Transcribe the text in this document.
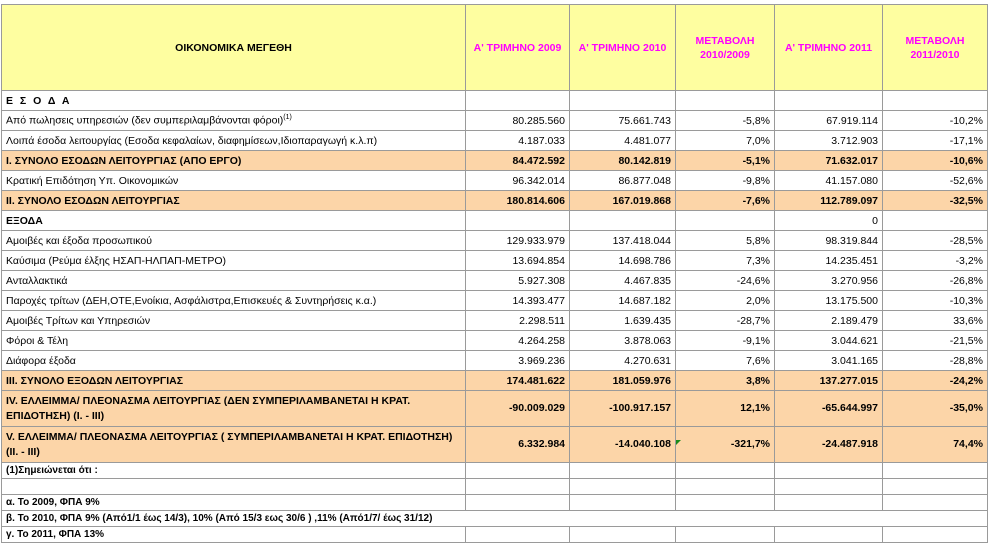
ΟΙΚΟΝΟΜΙΚΑ ΜΕΓΕΘΗ	Α' ΤΡΙΜΗΝΟ 2009	Α' ΤΡΙΜΗΝΟ 2010	ΜΕΤΑΒΟΛΗ
2010/2009	Α' ΤΡΙΜΗΝΟ 2011	ΜΕΤΑΒΟΛΗ
2011/2010

Ε Σ Ο Δ Α					
Από πωλησεις υπηρεσιών (δεν συμπεριλαμβάνονται φόροι)$^{(1)}$	80.285.560	75.661.743	-5,8%	67.919.114	-10,2%
Λοιπά έσοδα λειτουργίας (Εσοδα κεφαλαίων, διαφημίσεων,Ιδιοπαραγωγή κ.λ.π)	4.187.033	4.481.077	7,0%	3.712.903	-17,1%
Ι. ΣΥΝΟΛΟ ΕΣΟΔΩΝ ΛΕΙΤΟΥΡΓΙΑΣ (ΑΠΟ ΕΡΓΟ)	84.472.592	80.142.819	-5,1%	71.632.017	-10,6%
Κρατική Επιδότηση Υπ. Οικονομικών	96.342.014	86.877.048	-9,8%	41.157.080	-52,6%
ΙΙ. ΣΥΝΟΛΟ ΕΣΟΔΩΝ ΛΕΙΤΟΥΡΓΙΑΣ	180.814.606	167.019.868	-7,6%	112.789.097	-32,5%
ΕΞΟΔΑ				0	
Αμοιβές και έξοδα προσωπικού	129.933.979	137.418.044	5,8%	98.319.844	-28,5%
Καύσιμα (Ρεύμα έλξης ΗΣΑΠ-ΗΛΠΑΠ-ΜΕΤΡΟ)	13.694.854	14.698.786	7,3%	14.235.451	-3,2%
Ανταλλακτικά	5.927.308	4.467.835	-24,6%	3.270.956	-26,8%
Παροχές τρίτων (ΔΕΗ,ΟΤΕ,Ενοίκια, Ασφάλιστρα,Επισκευές & Συντηρήσεις κ.α.)	14.393.477	14.687.182	2,0%	13.175.500	-10,3%
Αμοιβές Τρίτων και Υπηρεσιών	2.298.511	1.639.435	-28,7%	2.189.479	33,6%
Φόροι & Τέλη	4.264.258	3.878.063	-9,1%	3.044.621	-21,5%
Διάφορα έξοδα	3.969.236	4.270.631	7,6%	3.041.165	-28,8%
ΙΙΙ. ΣΥΝΟΛΟ ΕΞΟΔΩΝ ΛΕΙΤΟΥΡΓΙΑΣ	174.481.622	181.059.976	3,8%	137.277.015	-24,2%
IV. ΕΛΛΕΙΜΜΑ/ ΠΛΕΟΝΑΣΜΑ ΛΕΙΤΟΥΡΓΙΑΣ (ΔΕΝ ΣΥΜΠΕΡΙΛΑΜΒΑΝΕΤΑΙ Η ΚΡΑΤ. ΕΠΙΔΟΤΗΣΗ) (Ι. - ΙΙΙ)	-90.009.029	-100.917.157	12,1%	-65.644.997	-35,0%
V. ΕΛΛΕΙΜΜΑ/ ΠΛΕΟΝΑΣΜΑ ΛΕΙΤΟΥΡΓΙΑΣ ( ΣΥΜΠΕΡΙΛΑΜΒΑΝΕΤΑΙ Η ΚΡΑΤ. ΕΠΙΔΟΤΗΣΗ) (ΙΙ. - ΙΙΙ)	6.332.984	-14.040.108	-321,7%	-24.487.918	74,4%
(1)Σημειώνεται ότι :					

α. Το 2009, ΦΠΑ 9%					
β. Το 2010, ΦΠΑ 9% (Από1/1 έως 14/3), 10% (Από 15/3 εως 30/6 ) ,11% (Από1/7/ έως 31/12)					
γ. Το 2011, ΦΠΑ 13%					
